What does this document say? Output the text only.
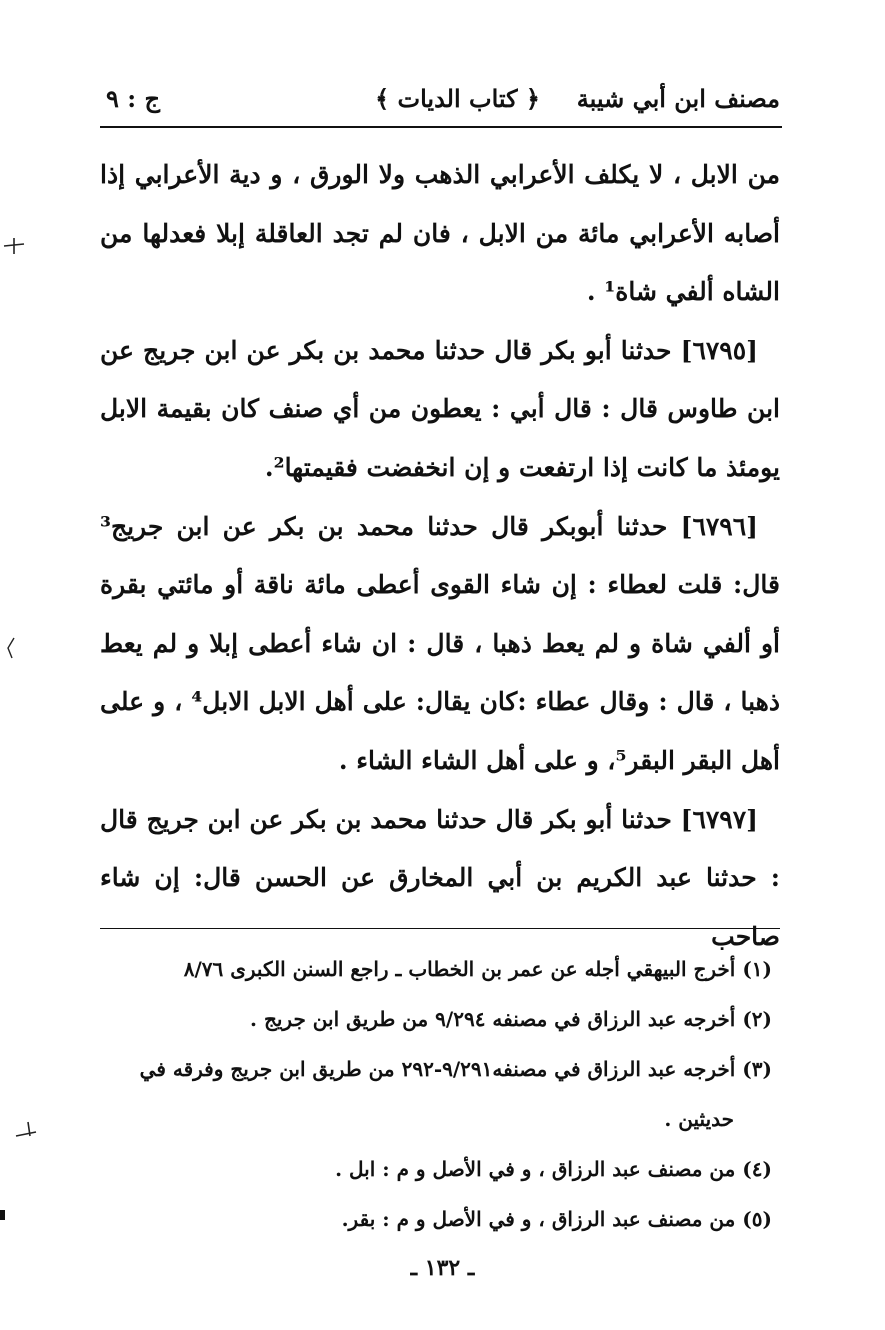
مصنف ابن أبي شيبة
﴿ كتاب الديات ﴾
ج : ٩

من الابل ، لا يكلف الأعرابي الذهب ولا الورق ، و دية الأعرابي إذا أصابه الأعرابي مائة من الابل ، فان لم تجد العاقلة إبلا فعدلها من الشاه ألفي شاة¹ .

[٦٧٩٥] حدثنا أبو بكر قال حدثنا محمد بن بكر عن ابن جريج عن ابن طاوس قال : قال أبي : يعطون من أي صنف كان بقيمة الابل يومئذ ما كانت إذا ارتفعت و إن انخفضت فقيمتها².

[٦٧٩٦] حدثنا أبوبكر قال حدثنا محمد بن بكر عن ابن جريج³ قال: قلت لعطاء : إن شاء القوى أعطى مائة ناقة أو مائتي بقرة أو ألفي شاة و لم يعط ذهبا ، قال : ان شاء أعطى إبلا و لم يعط ذهبا ، قال : وقال عطاء :كان يقال: على أهل الابل الابل⁴ ، و على أهل البقر البقر⁵، و على أهل الشاء الشاء .

[٦٧٩٧] حدثنا أبو بكر قال حدثنا محمد بن بكر عن ابن جريج قال : حدثنا عبد الكريم بن أبي المخارق عن الحسن قال: إن شاء صاحب

(١) أخرج البيهقي أجله عن عمر بن الخطاب ـ راجع السنن الكبرى ٨/٧٦

(٢) أخرجه عبد الرزاق في مصنفه ٩/٢٩٤ من طريق ابن جريج .

(٣) أخرجه عبد الرزاق في مصنفه٩/٢٩١-٢٩٢ من طريق ابن جريج وفرقه في
حديثين .

(٤) من مصنف عبد الرزاق ، و في الأصل و م : ابل .

(٥) من مصنف عبد الرزاق ، و في الأصل و م : بقر.

ـ ١٣٢ ـ
